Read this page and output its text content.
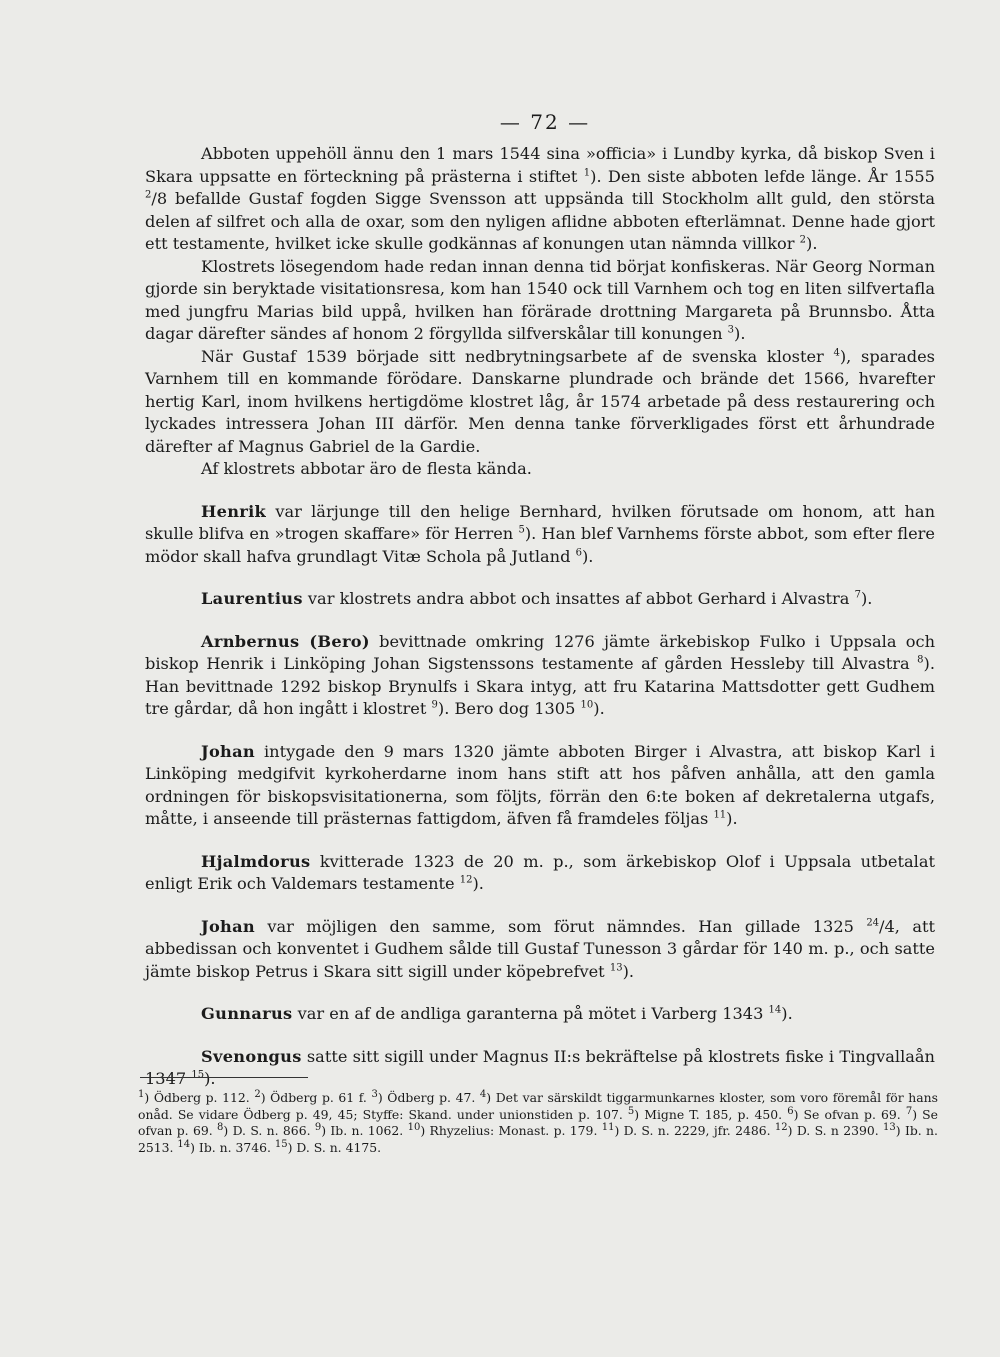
— 72 —

Abboten uppehöll ännu den 1 mars 1544 sina »officia» i Lundby kyrka, då biskop Sven i Skara uppsatte en förteckning på prästerna i stiftet $^1$). Den siste abboten lefde länge. År 1555 $^2$/8 befallde Gustaf fogden Sigge Svensson att uppsända till Stockholm allt guld, den största delen af silfret och alla de oxar, som den nyligen aflidne abboten efterlämnat. Denne hade gjort ett testamente, hvilket icke skulle godkännas af konungen utan nämnda villkor $^2$).

Klostrets lösegendom hade redan innan denna tid börjat konfiskeras. När Georg Norman gjorde sin beryktade visitationsresa, kom han 1540 ock till Varnhem och tog en liten silfvertafla med jungfru Marias bild uppå, hvilken han förärade drottning Margareta på Brunnsbo. Åtta dagar därefter sändes af honom 2 förgyllda silfverskålar till konungen $^3$).

När Gustaf 1539 började sitt nedbrytningsarbete af de svenska kloster $^4$), sparades Varnhem till en kommande förödare. Danskarne plundrade och brände det 1566, hvarefter hertig Karl, inom hvilkens hertigdöme klostret låg, år 1574 arbetade på dess restaurering och lyckades intressera Johan III därför. Men denna tanke förverkligades först ett århundrade därefter af Magnus Gabriel de la Gardie.

Af klostrets abbotar äro de flesta kända.

Henrik var lärjunge till den helige Bernhard, hvilken förutsade om honom, att han skulle blifva en »trogen skaffare» för Herren $^5$). Han blef Varnhems förste abbot, som efter flere mödor skall hafva grundlagt Vitæ Schola på Jutland $^6$).

Laurentius var klostrets andra abbot och insattes af abbot Gerhard i Alvastra $^7$).

Arnbernus (Bero) bevittnade omkring 1276 jämte ärkebiskop Fulko i Uppsala och biskop Henrik i Linköping Johan Sigstenssons testamente af gården Hessleby till Alvastra $^8$). Han bevittnade 1292 biskop Brynulfs i Skara intyg, att fru Katarina Mattsdotter gett Gudhem tre gårdar, då hon ingått i klostret $^9$). Bero dog 1305 $^{10}$).

Johan intygade den 9 mars 1320 jämte abboten Birger i Alvastra, att biskop Karl i Linköping medgifvit kyrkoherdarne inom hans stift att hos påfven anhålla, att den gamla ordningen för biskopsvisitationerna, som följts, förrän den 6:te boken af dekretalerna utgafs, måtte, i anseende till prästernas fattigdom, äfven få framdeles följas $^{11}$).

Hjalmdorus kvitterade 1323 de 20 m. p., som ärkebiskop Olof i Uppsala utbetalat enligt Erik och Valdemars testamente $^{12}$).

Johan var möjligen den samme, som förut nämndes. Han gillade 1325 $^{24}$/4, att abbedissan och konventet i Gudhem sålde till Gustaf Tunesson 3 gårdar för 140 m. p., och satte jämte biskop Petrus i Skara sitt sigill under köpebrefvet $^{13}$).

Gunnarus var en af de andliga garanterna på mötet i Varberg 1343 $^{14}$).

Svenongus satte sitt sigill under Magnus II:s bekräftelse på klostrets fiske i Tingvallaån 1347 $^{15}$).

$^1$) Ödberg p. 112. $^2$) Ödberg p. 61 f. $^3$) Ödberg p. 47. $^4$) Det var särskildt tiggarmunkarnes kloster, som voro föremål för hans onåd. Se vidare Ödberg p. 49, 45; Styffe: Skand. under unionstiden p. 107. $^5$) Migne T. 185, p. 450. $^6$) Se ofvan p. 69. $^7$) Se ofvan p. 69. $^8$) D. S. n. 866. $^9$) Ib. n. 1062. $^{10}$) Rhyzelius: Monast. p. 179. $^{11}$) D. S. n. 2229, jfr. 2486. $^{12}$) D. S. n 2390. $^{13}$) Ib. n. 2513. $^{14}$) Ib. n. 3746. $^{15}$) D. S. n. 4175.
